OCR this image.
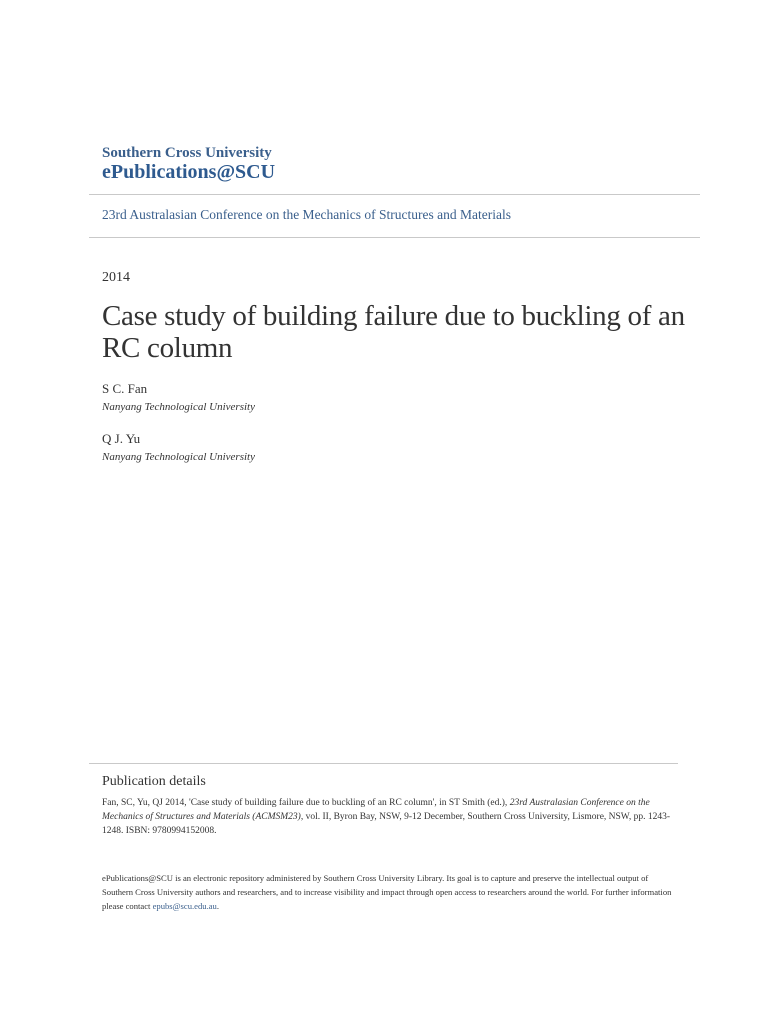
Southern Cross University
ePublications@SCU
23rd Australasian Conference on the Mechanics of Structures and Materials
2014
Case study of building failure due to buckling of an RC column
S C. Fan
Nanyang Technological University
Q J. Yu
Nanyang Technological University
Publication details
Fan, SC, Yu, QJ 2014, 'Case study of building failure due to buckling of an RC column', in ST Smith (ed.), 23rd Australasian Conference on the Mechanics of Structures and Materials (ACMSM23), vol. II, Byron Bay, NSW, 9-12 December, Southern Cross University, Lismore, NSW, pp. 1243-1248. ISBN: 9780994152008.
ePublications@SCU is an electronic repository administered by Southern Cross University Library. Its goal is to capture and preserve the intellectual output of Southern Cross University authors and researchers, and to increase visibility and impact through open access to researchers around the world. For further information please contact epubs@scu.edu.au.
